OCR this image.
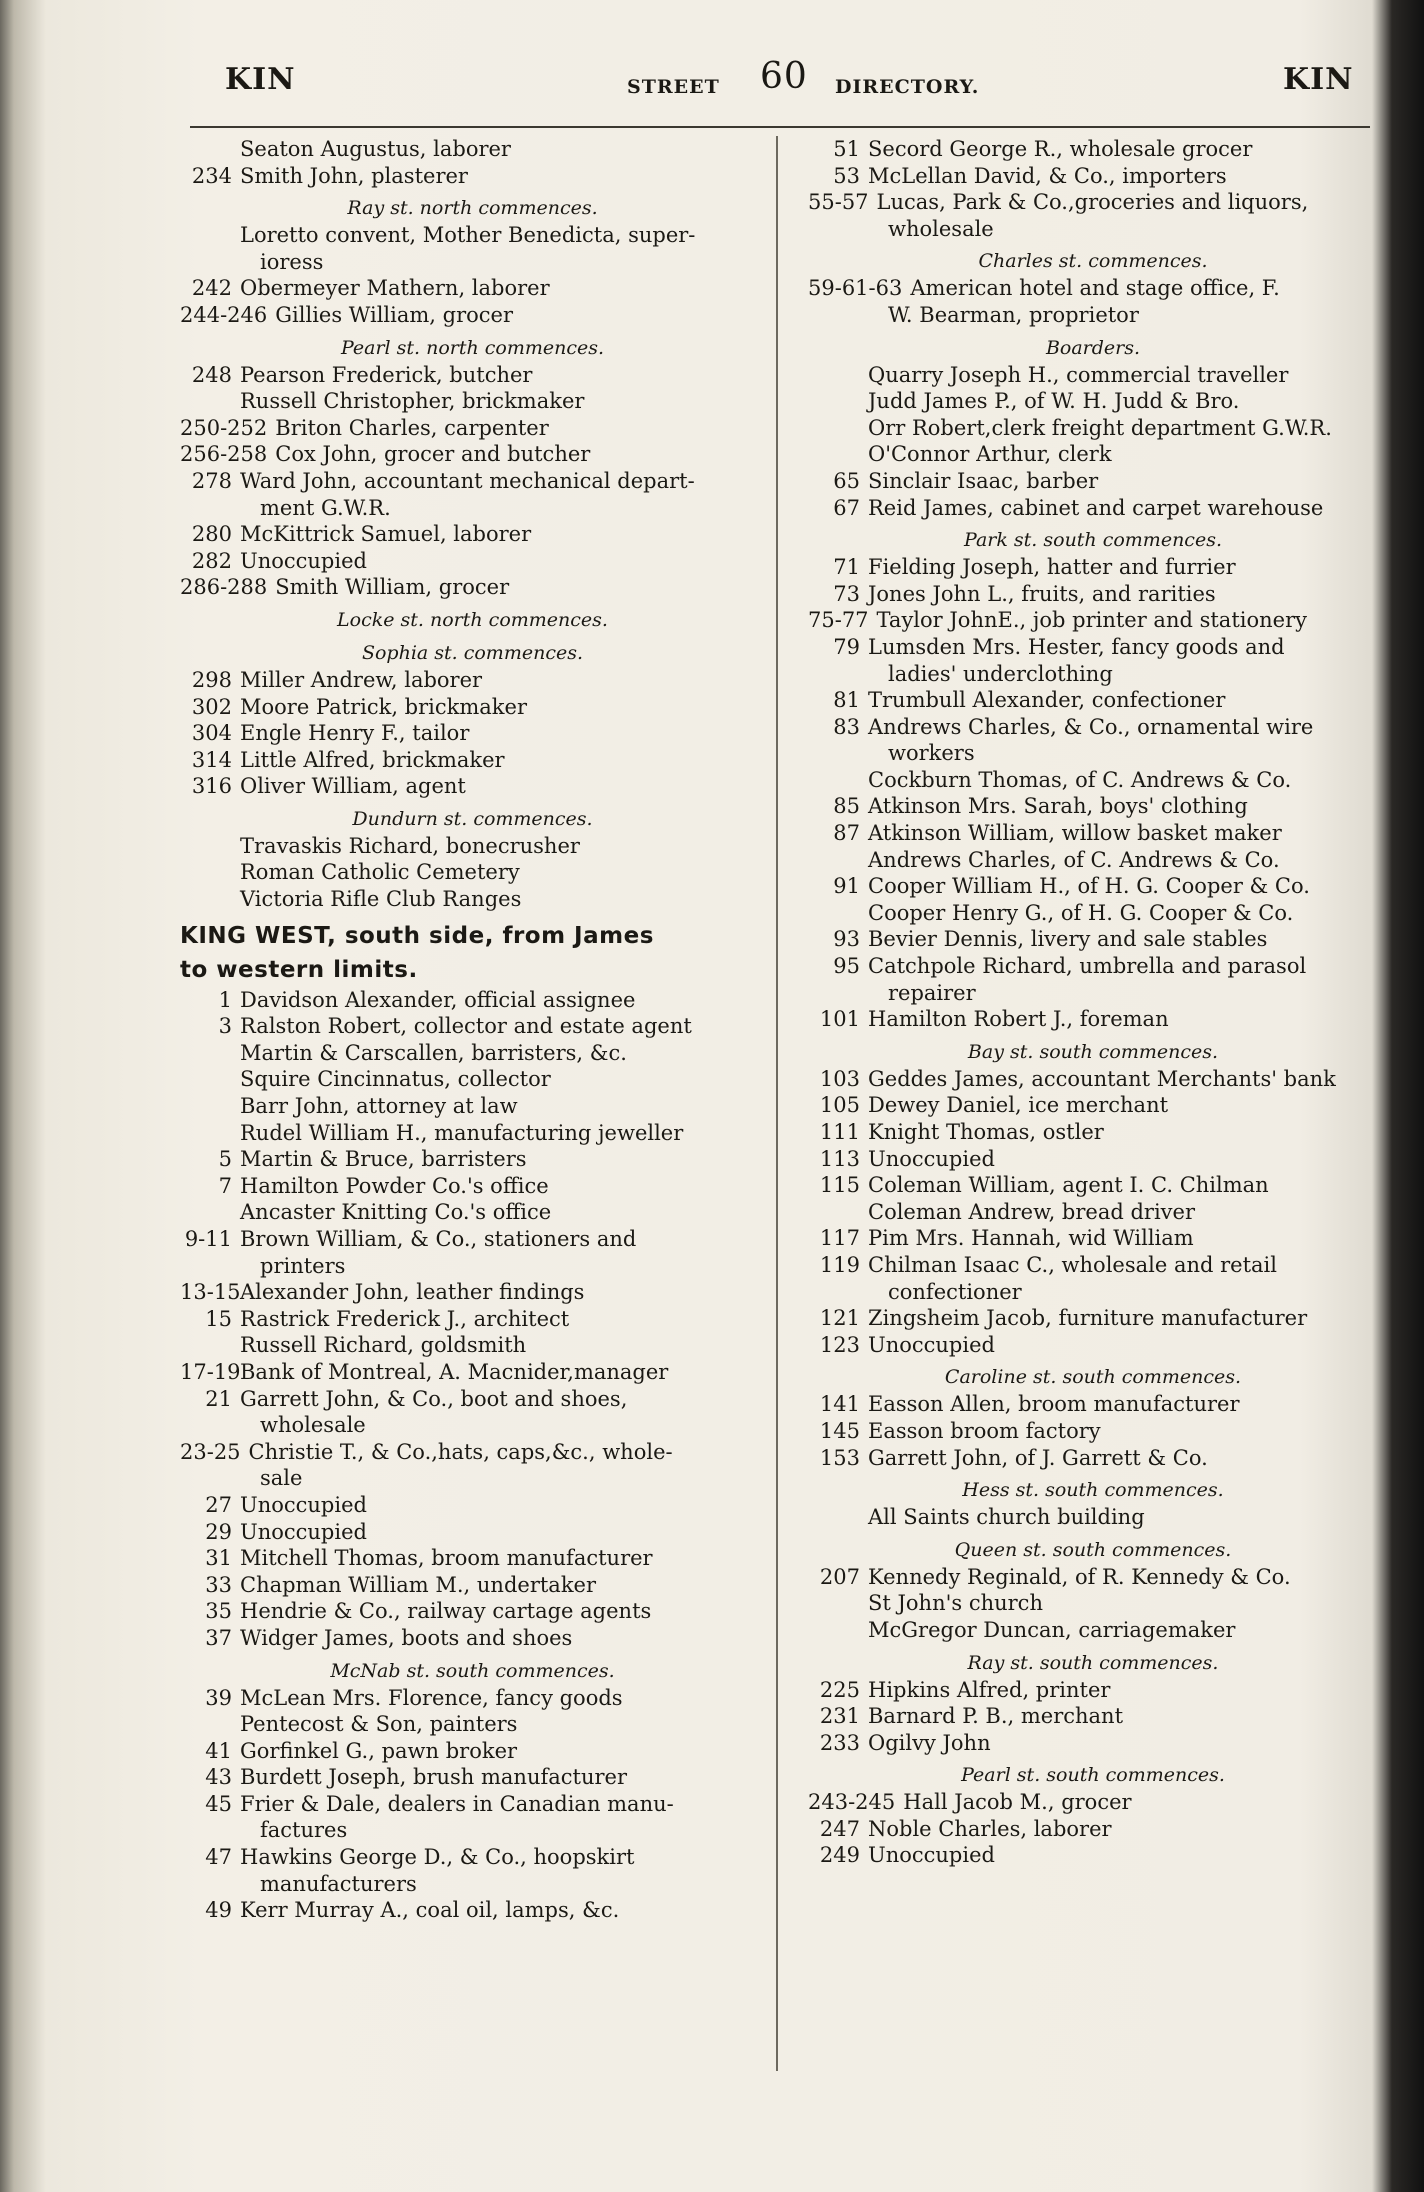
KIN	STREET 60 DIRECTORY.	KIN
Seaton Augustus, laborer
234 Smith John, plasterer
Ray st. north commences.
Loretto convent, Mother Benedicta, super-
ioress
242 Obermeyer Mathern, laborer
244-246 Gillies William, grocer
Pearl st. north commences.
248 Pearson Frederick, butcher
Russell Christopher, brickmaker
250-252 Briton Charles, carpenter
256-258 Cox John, grocer and butcher
278 Ward John, accountant mechanical depart-
ment G.W.R.
280 McKittrick Samuel, laborer
282 Unoccupied
286-288 Smith William, grocer
Locke st. north commences.
Sophia st. commences.
298 Miller Andrew, laborer
302 Moore Patrick, brickmaker
304 Engle Henry F., tailor
314 Little Alfred, brickmaker
316 Oliver William, agent
Dundurn st. commences.
Travaskis Richard, bonecrusher
Roman Catholic Cemetery
Victoria Rifle Club Ranges
KING WEST, south side, from James
to western limits.
1 Davidson Alexander, official assignee
3 Ralston Robert, collector and estate agent
Martin & Carscallen, barristers, &c.
Squire Cincinnatus, collector
Barr John, attorney at law
Rudel William H., manufacturing jeweller
5 Martin & Bruce, barristers
7 Hamilton Powder Co.'s office
Ancaster Knitting Co.'s office
9-11 Brown William, & Co., stationers and
printers
13-15Alexander John, leather findings
15 Rastrick Frederick J., architect
Russell Richard, goldsmith
17-19Bank of Montreal, A. Macnider,manager
21 Garrett John, & Co., boot and shoes,
wholesale
23-25 Christie T., & Co.,hats, caps,&c., whole-
sale
27 Unoccupied
29 Unoccupied
31 Mitchell Thomas, broom manufacturer
33 Chapman William M., undertaker
35 Hendrie & Co., railway cartage agents
37 Widger James, boots and shoes
McNab st. south commences.
39 McLean Mrs. Florence, fancy goods
Pentecost & Son, painters
41 Gorfinkel G., pawn broker
43 Burdett Joseph, brush manufacturer
45 Frier & Dale, dealers in Canadian manu-
factures
47 Hawkins George D., & Co., hoopskirt
manufacturers
49 Kerr Murray A., coal oil, lamps, &c.
51 Secord George R., wholesale grocer
53 McLellan David, & Co., importers
55-57 Lucas, Park & Co.,groceries and liquors,
wholesale
Charles st. commences.
59-61-63 American hotel and stage office, F.
W. Bearman, proprietor
Boarders.
Quarry Joseph H., commercial traveller
Judd James P., of W. H. Judd & Bro.
Orr Robert,clerk freight department G.W.R.
O'Connor Arthur, clerk
65 Sinclair Isaac, barber
67 Reid James, cabinet and carpet warehouse
Park st. south commences.
71 Fielding Joseph, hatter and furrier
73 Jones John L., fruits, and rarities
75-77 Taylor JohnE., job printer and stationery
79 Lumsden Mrs. Hester, fancy goods and
ladies' underclothing
81 Trumbull Alexander, confectioner
83 Andrews Charles, & Co., ornamental wire
workers
Cockburn Thomas, of C. Andrews & Co.
85 Atkinson Mrs. Sarah, boys' clothing
87 Atkinson William, willow basket maker
Andrews Charles, of C. Andrews & Co.
91 Cooper William H., of H. G. Cooper & Co.
Cooper Henry G., of H. G. Cooper & Co.
93 Bevier Dennis, livery and sale stables
95 Catchpole Richard, umbrella and parasol
repairer
101 Hamilton Robert J., foreman
Bay st. south commences.
103 Geddes James, accountant Merchants' bank
105 Dewey Daniel, ice merchant
111 Knight Thomas, ostler
113 Unoccupied
115 Coleman William, agent I. C. Chilman
Coleman Andrew, bread driver
117 Pim Mrs. Hannah, wid William
119 Chilman Isaac C., wholesale and retail
confectioner
121 Zingsheim Jacob, furniture manufacturer
123 Unoccupied
Caroline st. south commences.
141 Easson Allen, broom manufacturer
145 Easson broom factory
153 Garrett John, of J. Garrett & Co.
Hess st. south commences.
All Saints church building
Queen st. south commences.
207 Kennedy Reginald, of R. Kennedy & Co.
St John's church
McGregor Duncan, carriagemaker
Ray st. south commences.
225 Hipkins Alfred, printer
231 Barnard P. B., merchant
233 Ogilvy John
Pearl st. south commences.
243-245 Hall Jacob M., grocer
247 Noble Charles, laborer
249 Unoccupied
